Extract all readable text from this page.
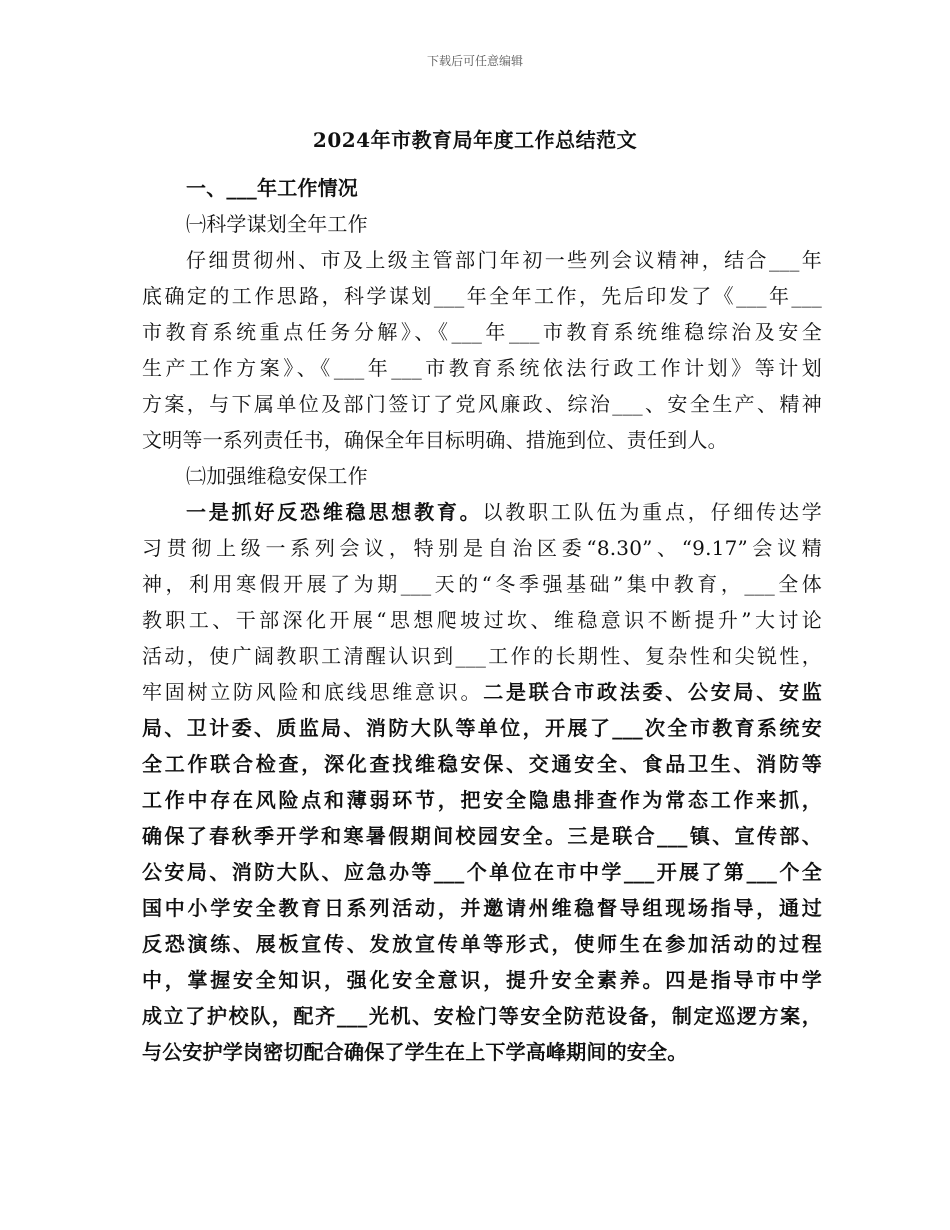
下载后可任意编辑
2024年市教育局年度工作总结范文
一、___年工作情况
㈠科学谋划全年工作
仔细贯彻州、市及上级主管部门年初一些列会议精神，结合___年
底确定的工作思路，科学谋划___年全年工作，先后印发了《___年___
市教育系统重点任务分解》、《___年___市教育系统维稳综治及安全
生产工作方案》、《___年___市教育系统依法行政工作计划》等计划
方案，与下属单位及部门签订了党风廉政、综治___、安全生产、精神
文明等一系列责任书，确保全年目标明确、措施到位、责任到人。
㈡加强维稳安保工作
一是抓好反恐维稳思想教育。以教职工队伍为重点，仔细传达学
习贯彻上级一系列会议，特别是自治区委“8.30”、“9.17”会议精
神，利用寒假开展了为期___天的“冬季强基础”集中教育，___全体
教职工、干部深化开展“思想爬坡过坎、维稳意识不断提升”大讨论
活动，使广阔教职工清醒认识到___工作的长期性、复杂性和尖锐性，
牢固树立防风险和底线思维意识。二是联合市政法委、公安局、安监
局、卫计委、质监局、消防大队等单位，开展了___次全市教育系统安
全工作联合检查，深化查找维稳安保、交通安全、食品卫生、消防等
工作中存在风险点和薄弱环节，把安全隐患排查作为常态工作来抓，
确保了春秋季开学和寒暑假期间校园安全。三是联合___镇、宣传部、
公安局、消防大队、应急办等___个单位在市中学___开展了第___个全
国中小学安全教育日系列活动，并邀请州维稳督导组现场指导，通过
反恐演练、展板宣传、发放宣传单等形式，使师生在参加活动的过程
中，掌握安全知识，强化安全意识，提升安全素养。四是指导市中学
成立了护校队，配齐___光机、安检门等安全防范设备，制定巡逻方案，
与公安护学岗密切配合确保了学生在上下学高峰期间的安全。
